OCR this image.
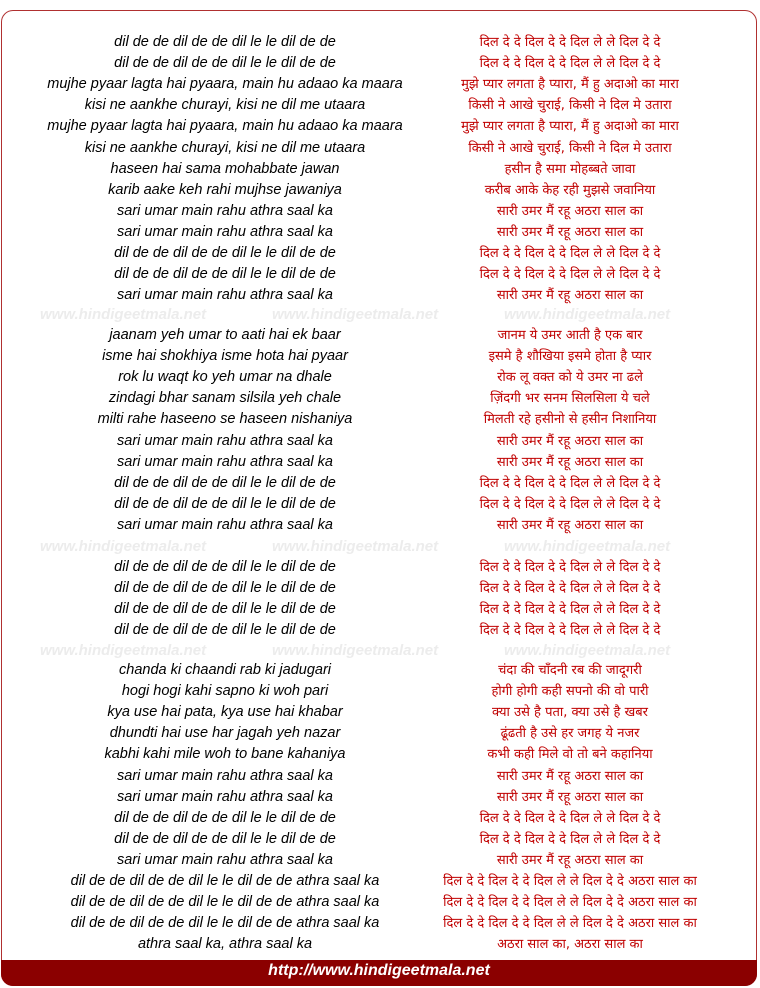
www.hindigeetmala.net	www.hindigeetmala.net	www.hindigeetmala.net
www.hindigeetmala.net	www.hindigeetmala.net	www.hindigeetmala.net
www.hindigeetmala.net	www.hindigeetmala.net	www.hindigeetmala.net
dil de de dil de de dil le le dil de de	दिल दे दे दिल दे दे दिल ले ले दिल दे दे
dil de de dil de de dil le le dil de de	दिल दे दे दिल दे दे दिल ले ले दिल दे दे
mujhe pyaar lagta hai pyaara, main hu adaao ka maara	मुझे प्यार लगता है प्यारा, मैं हु अदाओ का मारा
kisi ne aankhe churayi, kisi ne dil me utaara	किसी ने आखे चुराई, किसी ने दिल मे उतारा
mujhe pyaar lagta hai pyaara, main hu adaao ka maara	मुझे प्यार लगता है प्यारा, मैं हु अदाओ का मारा
kisi ne aankhe churayi, kisi ne dil me utaara	किसी ने आखे चुराई, किसी ने दिल मे उतारा
haseen hai sama mohabbate jawan	हसीन है समा मोहब्बते जावा
karib aake keh rahi mujhse jawaniya	करीब आके केह रही मुझसे जवानिया
sari umar main rahu athra saal ka	सारी उमर मैं रहू अठरा साल का
sari umar main rahu athra saal ka	सारी उमर मैं रहू अठरा साल का
dil de de dil de de dil le le dil de de	दिल दे दे दिल दे दे दिल ले ले दिल दे दे
dil de de dil de de dil le le dil de de	दिल दे दे दिल दे दे दिल ले ले दिल दे दे
sari umar main rahu athra saal ka	सारी उमर मैं रहू अठरा साल का
jaanam yeh umar to aati hai ek baar	जानम ये उमर आती है एक बार
isme hai shokhiya isme hota hai pyaar	इसमे है शौखिया इसमे होता है प्यार
rok lu waqt ko yeh umar na dhale	रोक लू वक्त को ये उमर ना ढले
zindagi bhar sanam silsila yeh chale	ज़िंदगी भर सनम सिलसिला ये चले
milti rahe haseeno se haseen nishaniya	मिलती रहे हसीनो से हसीन निशानिया
sari umar main rahu athra saal ka	सारी उमर मैं रहू अठरा साल का
sari umar main rahu athra saal ka	सारी उमर मैं रहू अठरा साल का
dil de de dil de de dil le le dil de de	दिल दे दे दिल दे दे दिल ले ले दिल दे दे
dil de de dil de de dil le le dil de de	दिल दे दे दिल दे दे दिल ले ले दिल दे दे
sari umar main rahu athra saal ka	सारी उमर मैं रहू अठरा साल का
dil de de dil de de dil le le dil de de	दिल दे दे दिल दे दे दिल ले ले दिल दे दे
dil de de dil de de dil le le dil de de	दिल दे दे दिल दे दे दिल ले ले दिल दे दे
dil de de dil de de dil le le dil de de	दिल दे दे दिल दे दे दिल ले ले दिल दे दे
dil de de dil de de dil le le dil de de	दिल दे दे दिल दे दे दिल ले ले दिल दे दे
chanda ki chaandi rab ki jadugari	चंदा की चाँदनी रब की जादूगरी
hogi hogi kahi sapno ki woh pari	होगी होगी कही सपनो की वो पारी
kya use hai pata, kya use hai khabar	क्या उसे है पता, क्या उसे है खबर
dhundti hai use har jagah yeh nazar	ढूंढती है उसे हर जगह ये नजर
kabhi kahi mile woh to bane kahaniya	कभी कही मिले वो तो बने कहानिया
sari umar main rahu athra saal ka	सारी उमर मैं रहू अठरा साल का
sari umar main rahu athra saal ka	सारी उमर मैं रहू अठरा साल का
dil de de dil de de dil le le dil de de	दिल दे दे दिल दे दे दिल ले ले दिल दे दे
dil de de dil de de dil le le dil de de	दिल दे दे दिल दे दे दिल ले ले दिल दे दे
sari umar main rahu athra saal ka	सारी उमर मैं रहू अठरा साल का
dil de de dil de de dil le le dil de de athra saal ka	दिल दे दे दिल दे दे दिल ले ले दिल दे दे अठरा साल का
dil de de dil de de dil le le dil de de athra saal ka	दिल दे दे दिल दे दे दिल ले ले दिल दे दे अठरा साल का
dil de de dil de de dil le le dil de de athra saal ka	दिल दे दे दिल दे दे दिल ले ले दिल दे दे अठरा साल का
athra saal ka, athra saal ka	अठरा साल का, अठरा साल का
http://www.hindigeetmala.net
